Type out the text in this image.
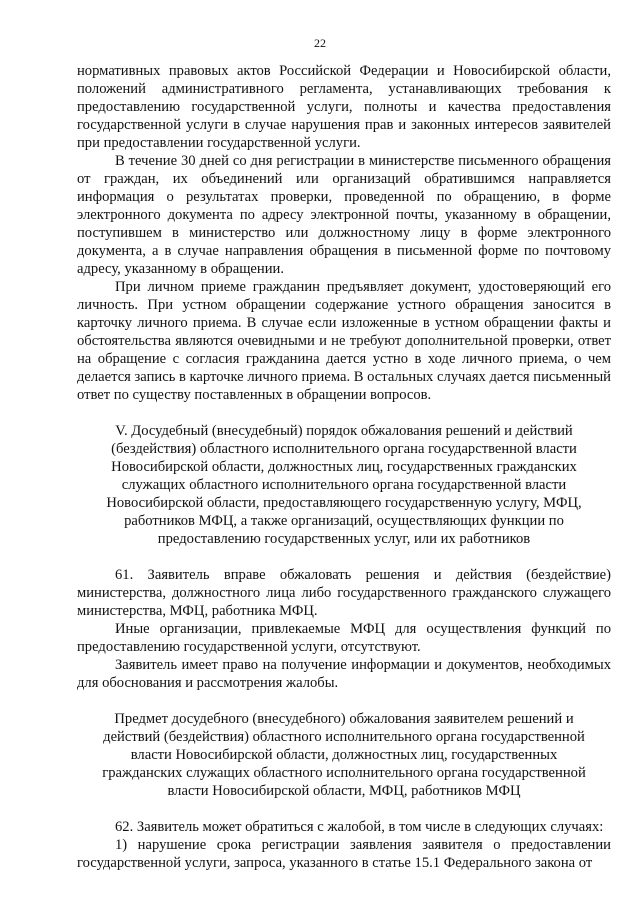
22

нормативных правовых актов Российской Федерации и Новосибирской области, положений административного регламента, устанавливающих требования к предоставлению государственной услуги, полноты и качества предоставления государственной услуги в случае нарушения прав и законных интересов заявителей при предоставлении государственной услуги.

В течение 30 дней со дня регистрации в министерстве письменного обращения от граждан, их объединений или организаций обратившимся направляется информация о результатах проверки, проведенной по обращению, в форме электронного документа по адресу электронной почты, указанному в обращении, поступившем в министерство или должностному лицу в форме электронного документа, а в случае направления обращения в письменной форме по почтовому адресу, указанному в обращении.

При личном приеме гражданин предъявляет документ, удостоверяющий его личность. При устном обращении содержание устного обращения заносится в карточку личного приема. В случае если изложенные в устном обращении факты и обстоятельства являются очевидными и не требуют дополнительной проверки, ответ на обращение с согласия гражданина дается устно в ходе личного приема, о чем делается запись в карточке личного приема. В остальных случаях дается письменный ответ по существу поставленных в обращении вопросов.

V. Досудебный (внесудебный) порядок обжалования решений и действий (бездействия) областного исполнительного органа государственной власти Новосибирской области, должностных лиц, государственных гражданских служащих областного исполнительного органа государственной власти Новосибирской области, предоставляющего государственную услугу, МФЦ, работников МФЦ, а также организаций, осуществляющих функции по предоставлению государственных услуг, или их работников

61. Заявитель вправе обжаловать решения и действия (бездействие) министерства, должностного лица либо государственного гражданского служащего министерства, МФЦ, работника МФЦ.

Иные организации, привлекаемые МФЦ для осуществления функций по предоставлению государственной услуги, отсутствуют.

Заявитель имеет право на получение информации и документов, необходимых для обоснования и рассмотрения жалобы.

Предмет досудебного (внесудебного) обжалования заявителем решений и действий (бездействия) областного исполнительного органа государственной власти Новосибирской области, должностных лиц, государственных гражданских служащих областного исполнительного органа государственной власти Новосибирской области, МФЦ, работников МФЦ

62. Заявитель может обратиться с жалобой, в том числе в следующих случаях:

1) нарушение срока регистрации заявления заявителя о предоставлении государственной услуги, запроса, указанного в статье 15.1 Федерального закона от
